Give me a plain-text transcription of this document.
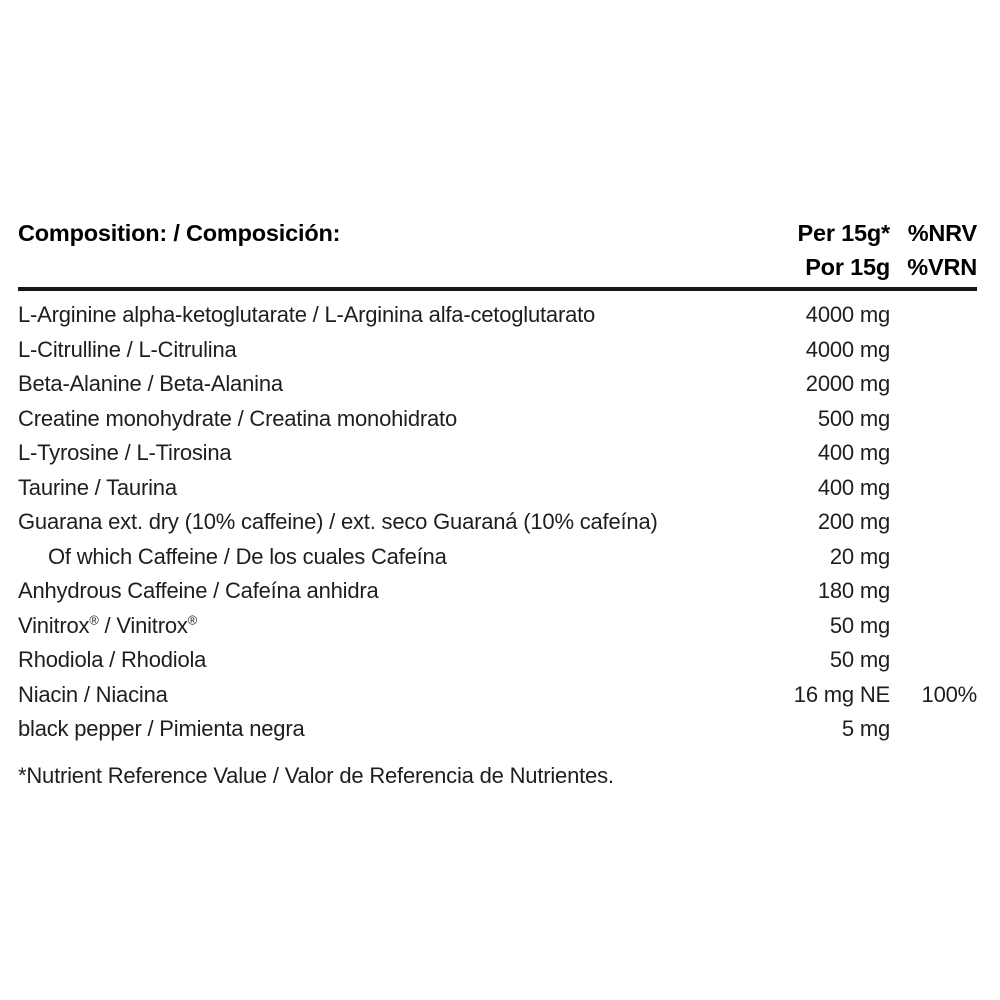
Composition: / Composición:	Per 15g* %NRV
Por 15g %VRN
L-Arginine alpha-ketoglutarate / L-Arginina alfa-cetoglutarato	4000 mg
L-Citrulline / L-Citrulina	4000 mg
Beta-Alanine / Beta-Alanina	2000 mg
Creatine monohydrate / Creatina monohidrato	500 mg
L-Tyrosine / L-Tirosina	400 mg
Taurine / Taurina	400 mg
Guarana ext. dry (10% caffeine) / ext. seco Guaraná (10% cafeína)	200 mg
Of which Caffeine / De los cuales Cafeína	20 mg
Anhydrous Caffeine / Cafeína anhidra	180 mg
Vinitrox® / Vinitrox®	50 mg
Rhodiola / Rhodiola	50 mg
Niacin / Niacina	16 mg NE	100%
black pepper / Pimienta negra	5 mg
*Nutrient Reference Value / Valor de Referencia de Nutrientes.
